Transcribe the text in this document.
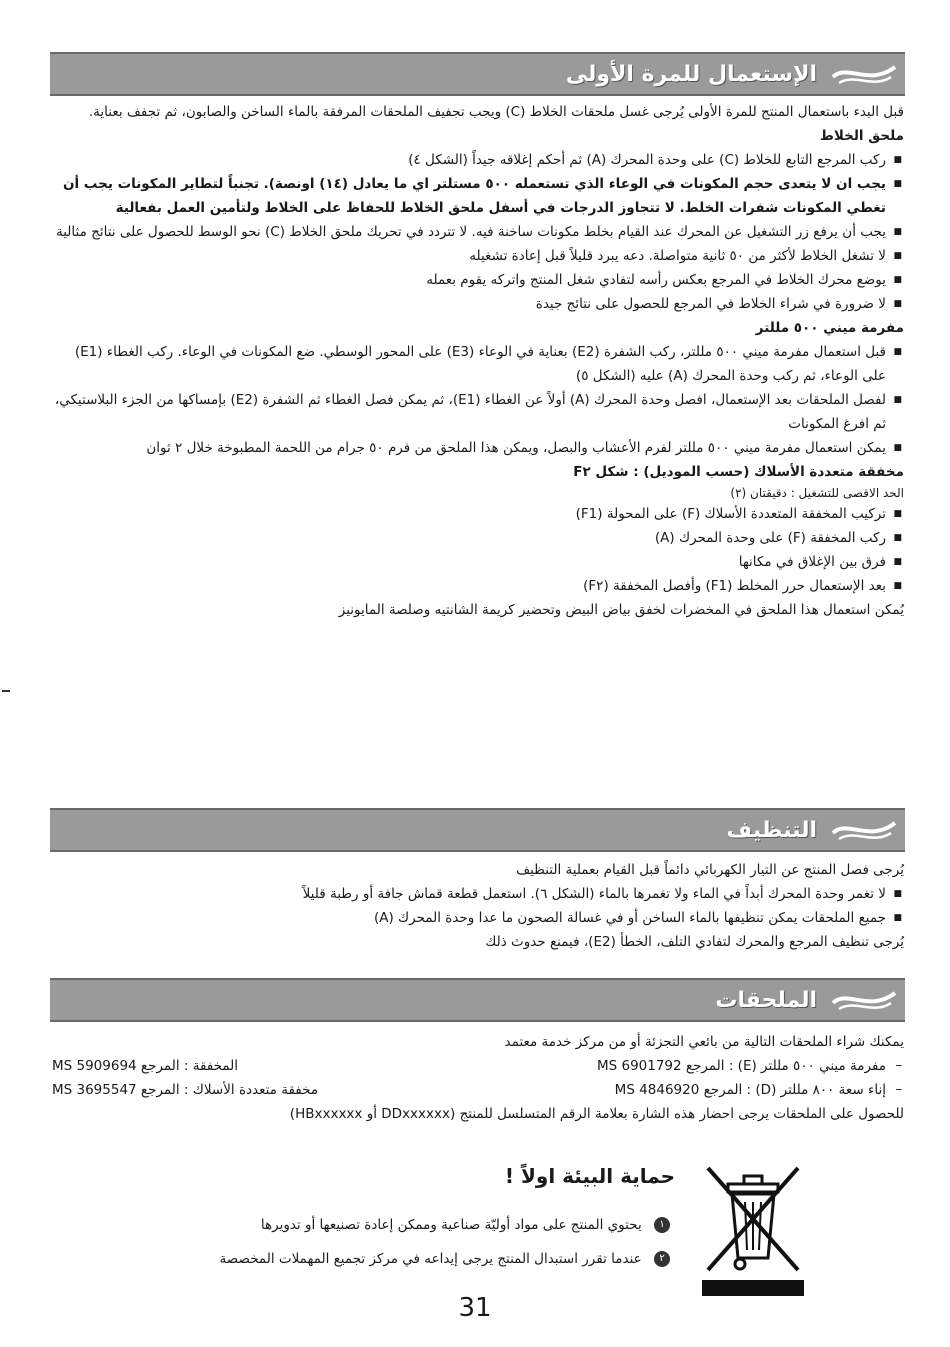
الإستعمال للمرة الأولى

قبل البدء باستعمال المنتج للمرة الأولى يُرجى غسل ملحقات الخلاط (C) ويجب تجفيف الملحقات المرفقة بالماء الساخن والصابون، ثم تجفف بعناية.

ملحق الخلاط

■ ركب المرجع التابع للخلاط (C) على وحدة المحرك (A) ثم أحكم إغلاقه جيداً (الشكل ٤)
■ يجب ان لا يتعدى حجم المكونات في الوعاء الذي تستعمله ٥٠٠ مستلتر اي ما يعادل (١٤) اونصة). تجنباً لتطاير المكونات يجب أن تغطي المكونات شفرات الخلط. لا تتجاوز الدرجات في أسفل ملحق الخلاط للحفاظ على الخلاط ولتأمين العمل بفعالية
■ يجب أن يرفع زر التشغيل عن المحرك عند القيام بخلط مكونات ساخنة فيه. لا تتردد في تحريك ملحق الخلاط (C) نحو الوسط للحصول على نتائج مثالية
■ لا تشغل الخلاط لأكثر من ٥٠ ثانية متواصلة. دعه يبرد قليلاً قبل إعادة تشغيله
■ يوضع محرك الخلاط في المرجع بعكس رأسه لتفادي شغل المنتج واتركه يقوم بعمله
■ لا ضرورة في شراء الخلاط في المرجع للحصول على نتائج جيدة

مفرمة ميني ٥٠٠ مللتر

■ قبل استعمال مفرمة ميني ٥٠٠ مللتر، ركب الشفرة (E2) بعناية في الوعاء (E3) على المحور الوسطي. ضع المكونات في الوعاء. ركب الغطاء (E1) على الوعاء، ثم ركب وحدة المحرك (A) عليه (الشكل ٥)
■ لفصل الملحقات بعد الإستعمال، افصل وحدة المحرك (A) أولاً عن الغطاء (E1)، ثم يمكن فصل الغطاء ثم الشفرة (E2) بإمساكها من الجزء البلاستيكي، ثم افرغ المكونات
■ يمكن استعمال مفرمة ميني ٥٠٠ مللتر لفرم الأعشاب والبصل، ويمكن هذا الملحق من فرم ٥٠ جرام من اللحمة المطبوخة خلال ٢ ثوان

مخفقة متعددة الأسلاك (حسب الموديل) : شكل F٢

الحد الاقصى للتشغيل : دقيقتان (٢)

■ تركيب المخفقة المتعددة الأسلاك (F) على المحولة (F1)
■ ركب المخفقة (F) على وحدة المحرك (A)
■ فرق بين الإغلاق في مكانها
■ بعد الإستعمال حرر المخلط (F1) وأفصل المخفقة (F٢)

يُمكن استعمال هذا الملحق في المخضرات لخفق بياض البيض وتحضير كريمة الشانتيه وصلصة المايونيز

التنظيف

يُرجى فصل المنتج عن التيار الكهربائي دائماً قبل القيام بعملية التنظيف

■ لا تغمر وحدة المحرك أبداً في الماء ولا تغمرها بالماء (الشكل ٦). استعمل قطعة قماش جافة أو رطبة قليلاً
■ جميع الملحقات يمكن تنظيفها بالماء الساخن أو في غسالة الصحون ما عدا وحدة المحرك (A)

يُرجى تنظيف المرجع والمحرك لتفادي التلف، الخطأ (E2)، فيمنع حدوث ذلك

الملحقات

يمكنك شراء الملحقات التالية من بائعي التجزئة أو من مركز خدمة معتمد

– مفرمة ميني ٥٠٠ مللتر (E) : المرجع MS 6901792
المخفقة : المرجع MS 5909694
– إناء سعة ٨٠٠ مللتر (D) : المرجع MS 4846920
مخفقة متعددة الأسلاك : المرجع MS 3695547

للحصول على الملحقات يرجى احضار هذه الشارة بعلامة الرقم المتسلسل للمنتج (DDxxxxxx أو HBxxxxxx)

حماية البيئة اولاً !
١ يحتوي المنتج على مواد أوليّة صناعية وممكن إعادة تصنيعها أو تدويرها
٢ عندما تقرر استبدال المنتج يرجى إيداعه في مركز تجميع المهملات المخصصة
31
